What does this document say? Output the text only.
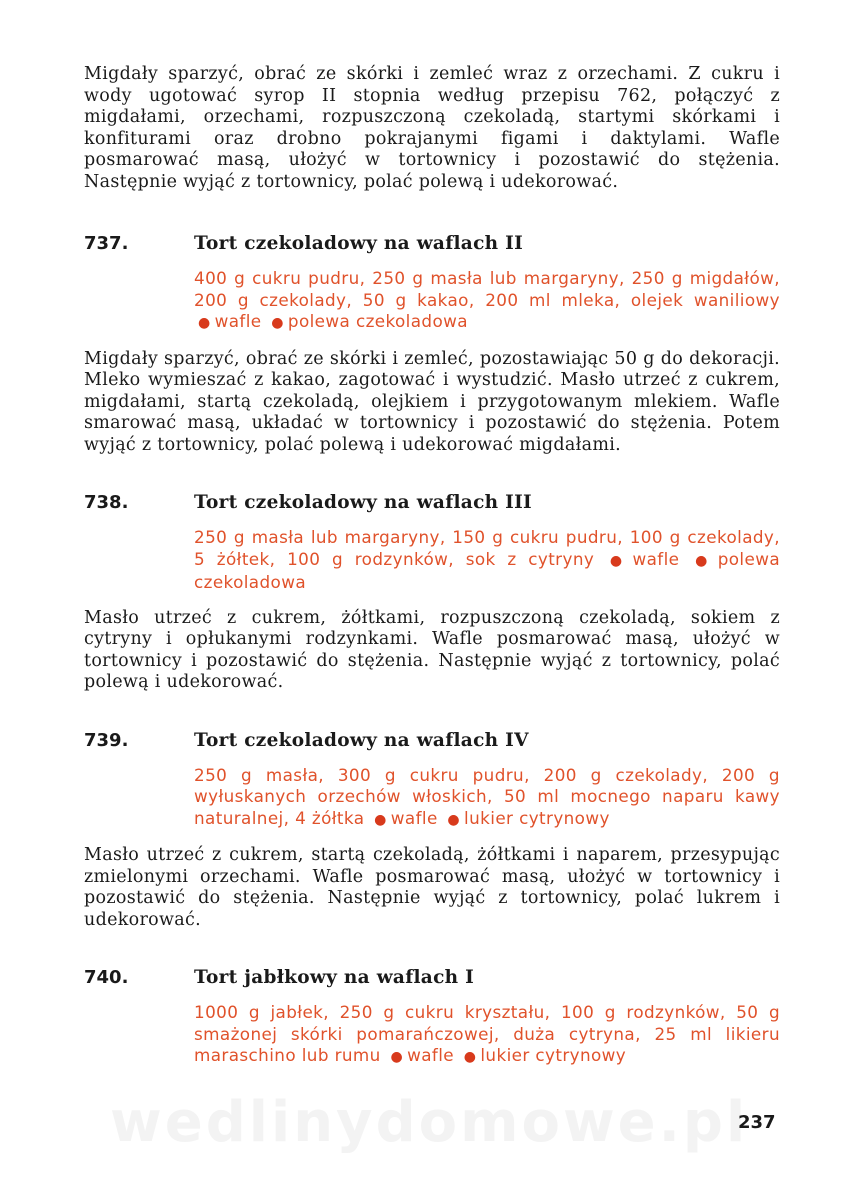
Migdały sparzyć, obrać ze skórki i zemleć wraz z orzechami. Z cukru i wody ugotować syrop II stopnia według przepisu 762, połączyć z migdałami, orzechami, rozpuszczoną czekoladą, startymi skórkami i konfiturami oraz drobno pokrajanymi figami i daktylami. Wafle posmarować masą, ułożyć w tortownicy i pozostawić do stężenia. Następnie wyjąć z tortownicy, polać polewą i udekorować.

737.	Tort czekoladowy na waflach II

400 g cukru pudru, 250 g masła lub margaryny, 250 g migdałów, 200 g czekolady, 50 g kakao, 200 ml mleka, olejek waniliowy ● wafle ● polewa czekoladowa

Migdały sparzyć, obrać ze skórki i zemleć, pozostawiając 50 g do dekoracji. Mleko wymieszać z kakao, zagotować i wystudzić. Masło utrzeć z cukrem, migdałami, startą czekoladą, olejkiem i przygotowanym mlekiem. Wafle smarować masą, układać w tortownicy i pozostawić do stężenia. Potem wyjąć z tortownicy, polać polewą i udekorować migdałami.

738.	Tort czekoladowy na waflach III

250 g masła lub margaryny, 150 g cukru pudru, 100 g czekolady, 5 żółtek, 100 g rodzynków, sok z cytryny ● wafle ● polewa czekoladowa

Masło utrzeć z cukrem, żółtkami, rozpuszczoną czekoladą, sokiem z cytryny i opłukanymi rodzynkami. Wafle posmarować masą, ułożyć w tortownicy i pozostawić do stężenia. Następnie wyjąć z tortownicy, polać polewą i udekorować.

739.	Tort czekoladowy na waflach IV

250 g masła, 300 g cukru pudru, 200 g czekolady, 200 g wyłuskanych orzechów włoskich, 50 ml mocnego naparu kawy naturalnej, 4 żółtka ● wafle ● lukier cytrynowy

Masło utrzeć z cukrem, startą czekoladą, żółtkami i naparem, przesypując zmielonymi orzechami. Wafle posmarować masą, ułożyć w tortownicy i pozostawić do stężenia. Następnie wyjąć z tortownicy, polać lukrem i udekorować.

740.	Tort jabłkowy na waflach I

1000 g jabłek, 250 g cukru kryształu, 100 g rodzynków, 50 g smażonej skórki pomarańczowej, duża cytryna, 25 ml likieru maraschino lub rumu ● wafle ● lukier cytrynowy

wedlinydomowe.pl
237
